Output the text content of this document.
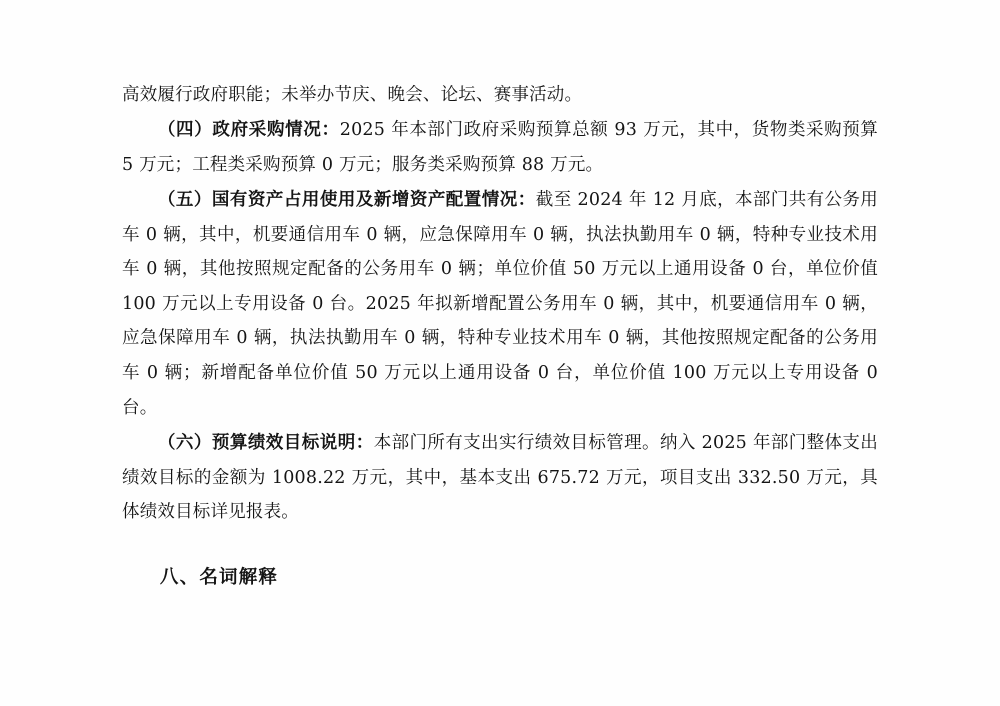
高效履行政府职能；未举办节庆、晚会、论坛、赛事活动。

（四）政府采购情况：2025 年本部门政府采购预算总额 93 万元，其中，货物类采购预算 5 万元；工程类采购预算 0 万元；服务类采购预算 88 万元。

（五）国有资产占用使用及新增资产配置情况：截至 2024 年 12 月底，本部门共有公务用车 0 辆，其中，机要通信用车 0 辆，应急保障用车 0 辆，执法执勤用车 0 辆，特种专业技术用车 0 辆，其他按照规定配备的公务用车 0 辆；单位价值 50 万元以上通用设备 0 台，单位价值 100 万元以上专用设备 0 台。2025 年拟新增配置公务用车 0 辆，其中，机要通信用车 0 辆，应急保障用车 0 辆，执法执勤用车 0 辆，特种专业技术用车 0 辆，其他按照规定配备的公务用车 0 辆；新增配备单位价值 50 万元以上通用设备 0 台，单位价值 100 万元以上专用设备 0 台。

（六）预算绩效目标说明：本部门所有支出实行绩效目标管理。纳入 2025 年部门整体支出绩效目标的金额为 1008.22 万元，其中，基本支出 675.72 万元，项目支出 332.50 万元，具体绩效目标详见报表。

八、名词解释
